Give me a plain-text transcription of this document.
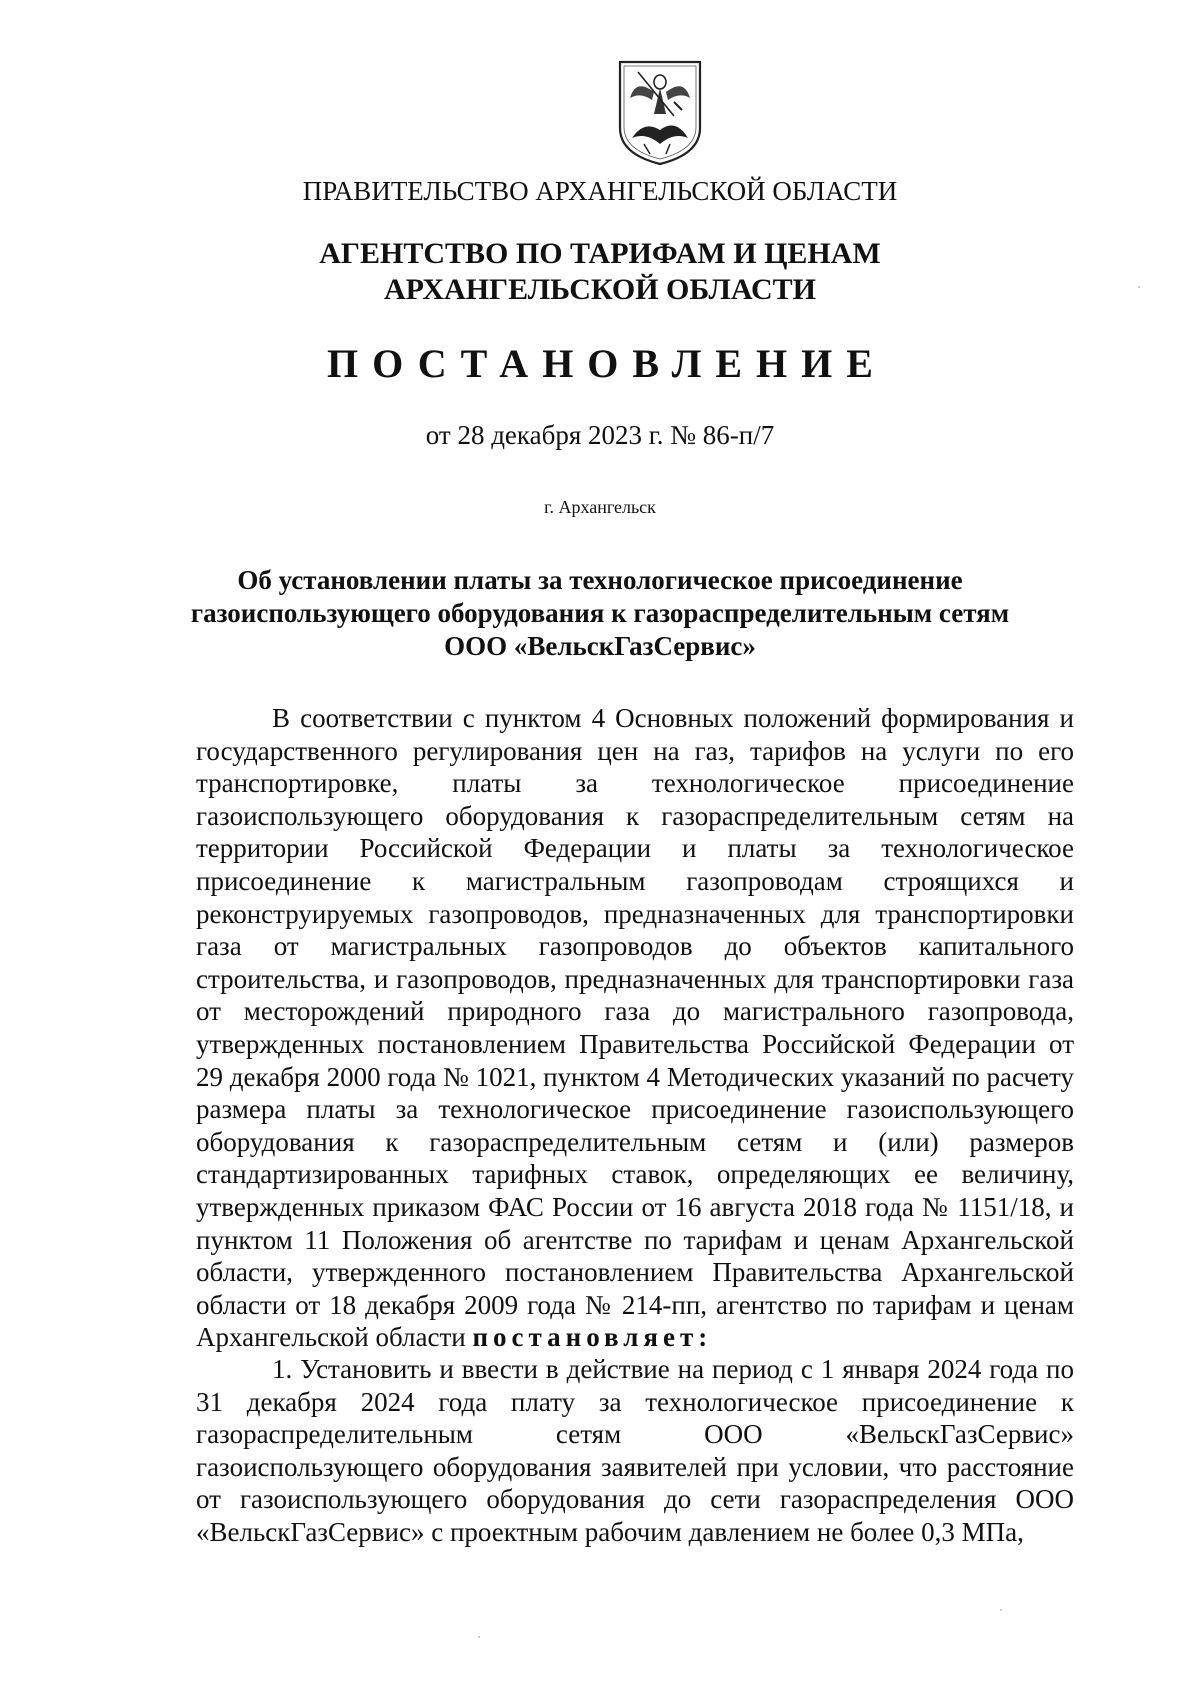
ПРАВИТЕЛЬСТВО АРХАНГЕЛЬСКОЙ ОБЛАСТИ
АГЕНТСТВО ПО ТАРИФАМ И ЦЕНАМ
АРХАНГЕЛЬСКОЙ ОБЛАСТИ
ПОСТАНОВЛЕНИЕ
от 28 декабря 2023 г. № 86-п/7
г. Архангельск
Об установлении платы за технологическое присоединение
газоиспользующего оборудования к газораспределительным сетям
ООО «ВельскГазСервис»

В соответствии с пунктом 4 Основных положений формирования и государственного регулирования цен на газ, тарифов на услуги по его транспортировке, платы за технологическое присоединение газоиспользующего оборудования к газораспределительным сетям на территории Российской Федерации и платы за технологическое присоединение к магистральным газопроводам строящихся и реконструируемых газопроводов, предназначенных для транспортировки газа от магистральных газопроводов до объектов капитального строительства, и газопроводов, предназначенных для транспортировки газа от месторождений природного газа до магистрального газопровода, утвержденных постановлением Правительства Российской Федерации от 29 декабря 2000 года № 1021, пунктом 4 Методических указаний по расчету размера платы за технологическое присоединение газоиспользующего оборудования к газораспределительным сетям и (или) размеров стандартизированных тарифных ставок, определяющих ее величину, утвержденных приказом ФАС России от 16 августа 2018 года № 1151/18, и пунктом 11 Положения об агентстве по тарифам и ценам Архангельской области, утвержденного постановлением Правительства Архангельской области от 18 декабря 2009 года № 214-пп, агентство по тарифам и ценам Архангельской области постановляет:

1. Установить и ввести в действие на период с 1 января 2024 года по 31 декабря 2024 года плату за технологическое присоединение к газораспределительным сетям ООО «ВельскГазСервис» газоиспользующего оборудования заявителей при условии, что расстояние от газоиспользующего оборудования до сети газораспределения ООО «ВельскГазСервис» с проектным рабочим давлением не более 0,3 МПа,
